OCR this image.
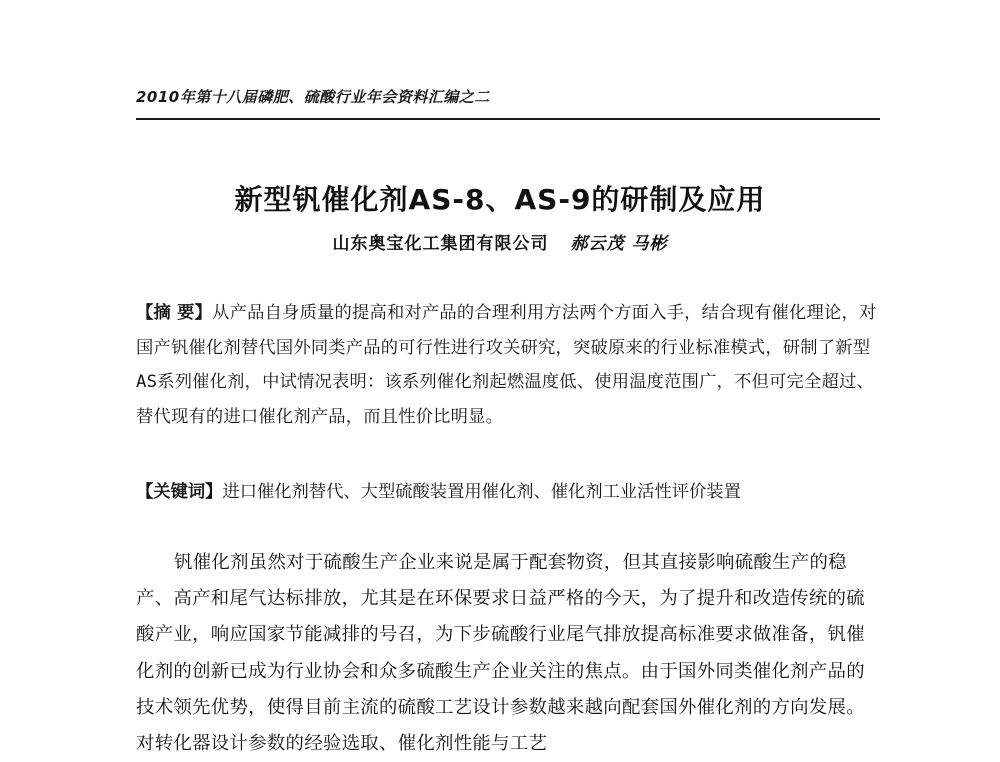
2010年第十八届磷肥、硫酸行业年会资料汇编之二
新型钒催化剂AS-8、AS-9的研制及应用
山东奥宝化工集团有限公司 郝云茂 马彬
【摘 要】从产品自身质量的提高和对产品的合理利用方法两个方面入手，结合现有催化理论，对国产钒催化剂替代国外同类产品的可行性进行攻关研究，突破原来的行业标准模式，研制了新型AS系列催化剂，中试情况表明：该系列催化剂起燃温度低、使用温度范围广，不但可完全超过、替代现有的进口催化剂产品，而且性价比明显。
【关键词】进口催化剂替代、大型硫酸装置用催化剂、催化剂工业活性评价装置
钒催化剂虽然对于硫酸生产企业来说是属于配套物资，但其直接影响硫酸生产的稳产、高产和尾气达标排放，尤其是在环保要求日益严格的今天，为了提升和改造传统的硫酸产业，响应国家节能减排的号召，为下步硫酸行业尾气排放提高标准要求做准备，钒催化剂的创新已成为行业协会和众多硫酸生产企业关注的焦点。由于国外同类催化剂产品的技术领先优势，使得目前主流的硫酸工艺设计参数越来越向配套国外催化剂的方向发展。对转化器设计参数的经验选取、催化剂性能与工艺
